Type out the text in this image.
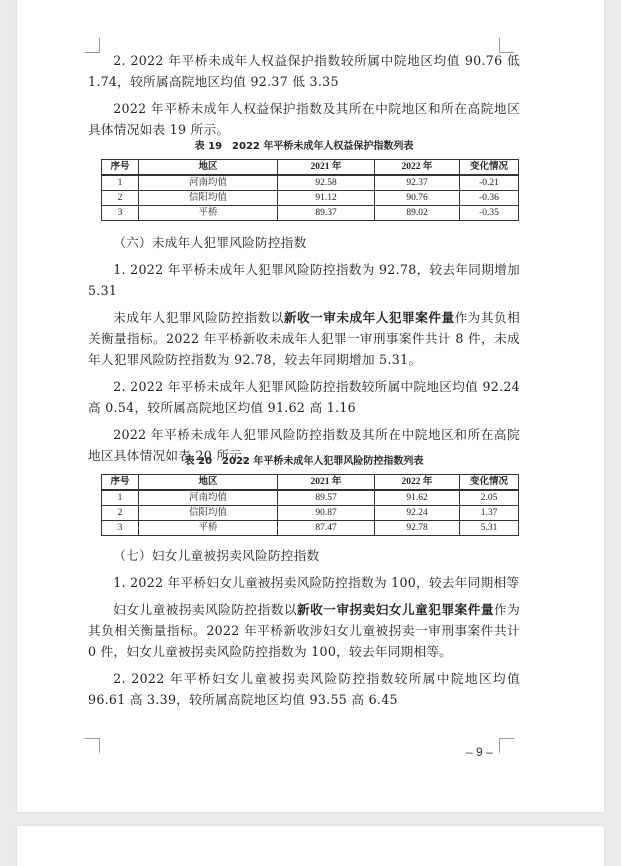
2. 2022 年平桥未成年人权益保护指数较所属中院地区均值 90.76 低 1.74，较所属高院地区均值 92.37 低 3.35

2022 年平桥未成年人权益保护指数及其所在中院地区和所在高院地区具体情况如表 19 所示。

表 19　2022 年平桥未成年人权益保护指数列表
序号	地区	2021 年	2022 年	变化情况
1	河南均值	92.58	92.37	-0.21
2	信阳均值	91.12	90.76	-0.36
3	平桥	89.37	89.02	-0.35

（六）未成年人犯罪风险防控指数

1. 2022 年平桥未成年人犯罪风险防控指数为 92.78，较去年同期增加 5.31

未成年人犯罪风险防控指数以新收一审未成年人犯罪案件量作为其负相关衡量指标。2022 年平桥新收未成年人犯罪一审刑事案件共计 8 件，未成年人犯罪风险防控指数为 92.78，较去年同期增加 5.31。

2. 2022 年平桥未成年人犯罪风险防控指数较所属中院地区均值 92.24 高 0.54，较所属高院地区均值 91.62 高 1.16

2022 年平桥未成年人犯罪风险防控指数及其所在中院地区和所在高院地区具体情况如表 20 所示。

表 20　2022 年平桥未成年人犯罪风险防控指数列表
序号	地区	2021 年	2022 年	变化情况
1	河南均值	89.57	91.62	2.05
2	信阳均值	90.87	92.24	1.37
3	平桥	87.47	92.78	5.31

（七）妇女儿童被拐卖风险防控指数

1. 2022 年平桥妇女儿童被拐卖风险防控指数为 100，较去年同期相等

妇女儿童被拐卖风险防控指数以新收一审拐卖妇女儿童犯罪案件量作为其负相关衡量指标。2022 年平桥新收涉妇女儿童被拐卖一审刑事案件共计 0 件，妇女儿童被拐卖风险防控指数为 100，较去年同期相等。

2. 2022 年平桥妇女儿童被拐卖风险防控指数较所属中院地区均值 96.61 高 3.39，较所属高院地区均值 93.55 高 6.45

– 9 –
